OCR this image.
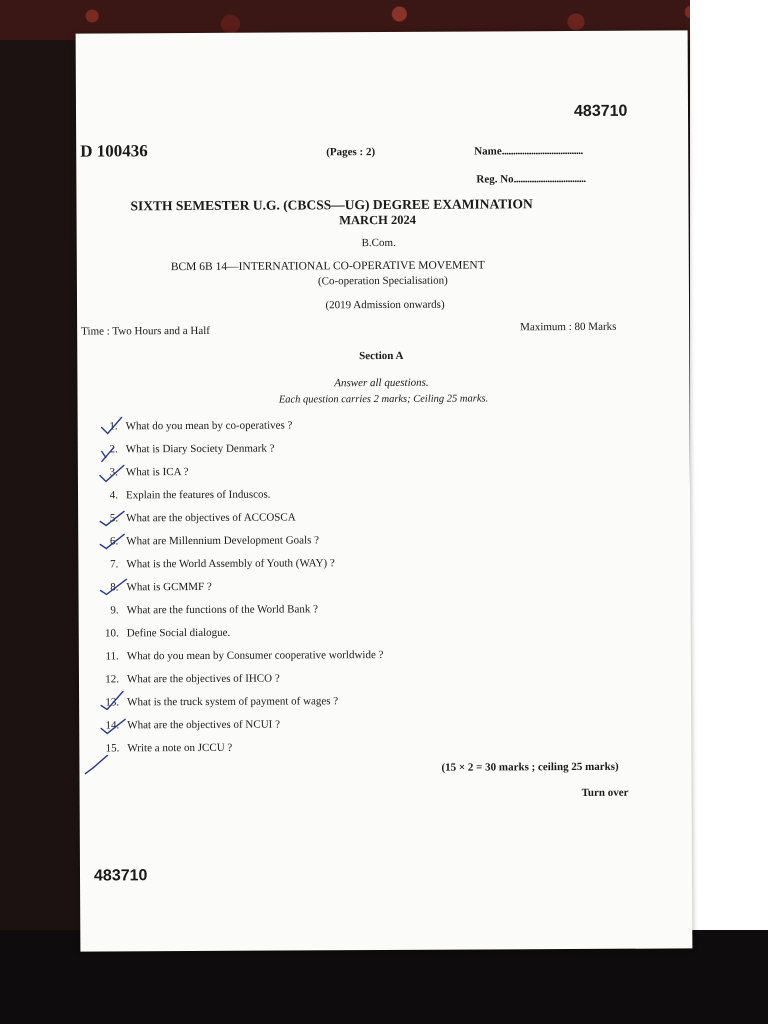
483710
D 100436	(Pages : 2)	Name....................................
Reg. No................................
SIXTH SEMESTER U.G. (CBCSS—UG) DEGREE EXAMINATION
MARCH 2024
B.Com.
BCM 6B 14—INTERNATIONAL CO-OPERATIVE MOVEMENT
(Co-operation Specialisation)
(2019 Admission onwards)
Time : Two Hours and a Half	Maximum : 80 Marks
Section A
Answer all questions.
Each question carries 2 marks; Ceiling 25 marks.
1. What do you mean by co-operatives ?
2. What is Diary Society Denmark ?
3. What is ICA ?
4. Explain the features of Induscos.
5. What are the objectives of ACCOSCA
6. What are Millennium Development Goals ?
7. What is the World Assembly of Youth (WAY) ?
8. What is GCMMF ?
9. What are the functions of the World Bank ?
10. Define Social dialogue.
11. What do you mean by Consumer cooperative worldwide ?
12. What are the objectives of IHCO ?
13. What is the truck system of payment of wages ?
14. What are the objectives of NCUI ?
15. Write a note on JCCU ?
(15 × 2 = 30 marks ; ceiling 25 marks)
Turn over
483710
